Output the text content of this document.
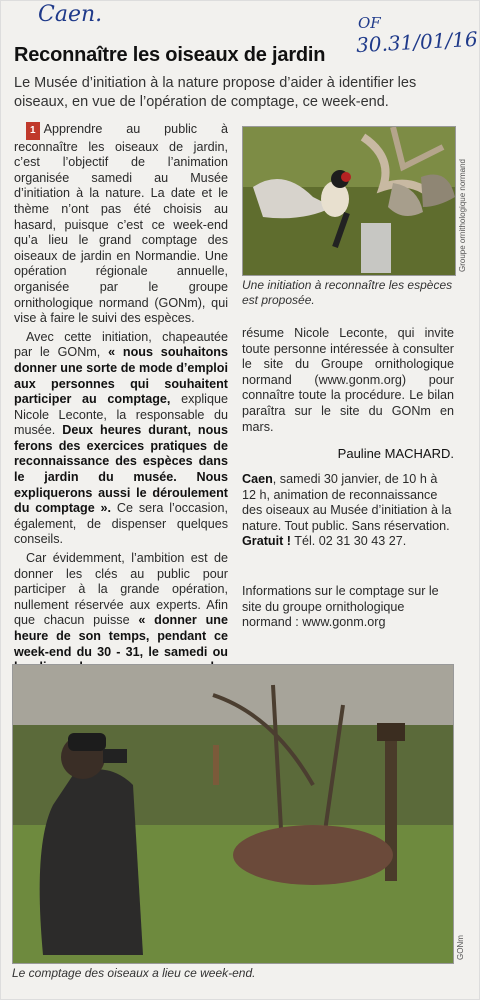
Caen.	OF
30.31/01/16
Reconnaître les oiseaux de jardin
Le Musée d’initiation à la nature propose d’aider à identifier les oiseaux, en vue de l’opération de comptage, ce week-end.

1 Apprendre au public à reconnaître les oiseaux de jardin, c’est l’objectif de l’animation organisée samedi au Musée d’initiation à la nature. La date et le thème n’ont pas été choisis au hasard, puisque c’est ce week-end qu’a lieu le grand comptage des oiseaux de jardin en Normandie. Une opération régionale annuelle, organisée par le groupe ornithologique normand (GONm), qui vise à faire le suivi des espèces.

Avec cette initiation, chapeautée par le GONm, « nous souhaitons donner une sorte de mode d’emploi aux personnes qui souhaitent participer au comptage, explique Nicole Leconte, la responsable du musée. Deux heures durant, nous ferons des exercices pratiques de reconnaissance des espèces dans le jardin du musée. Nous expliquerons aussi le déroulement du comptage ». Ce sera l’occasion, également, de dispenser quelques conseils.

Car évidemment, l’ambition est de donner les clés au public pour participer à la grande opération, nullement réservée aux experts. Afin que chacun puisse « donner une heure de son temps, pendant ce week-end du 30 - 31, le samedi ou

Groupe ornithologique normand
Une initiation à reconnaître les espèces est proposée.

résume Nicole Leconte, qui invite toute personne intéressée à consulter le site du Groupe ornithologique normand (www.gonm.org) pour connaître toute la procédure. Le bilan paraîtra sur le site du GONm en mars.

Pauline MACHARD.
Caen, samedi 30 janvier, de 10 h à 12 h, animation de reconnaissance des oiseaux au Musée d’initiation à la nature. Tout public. Sans réservation. Gratuit ! Tél. 02 31 30 43 27.
Informations sur le comptage sur le site du groupe ornithologique normand : www.gonm.org
GONm
Le comptage des oiseaux a lieu ce week-end.
